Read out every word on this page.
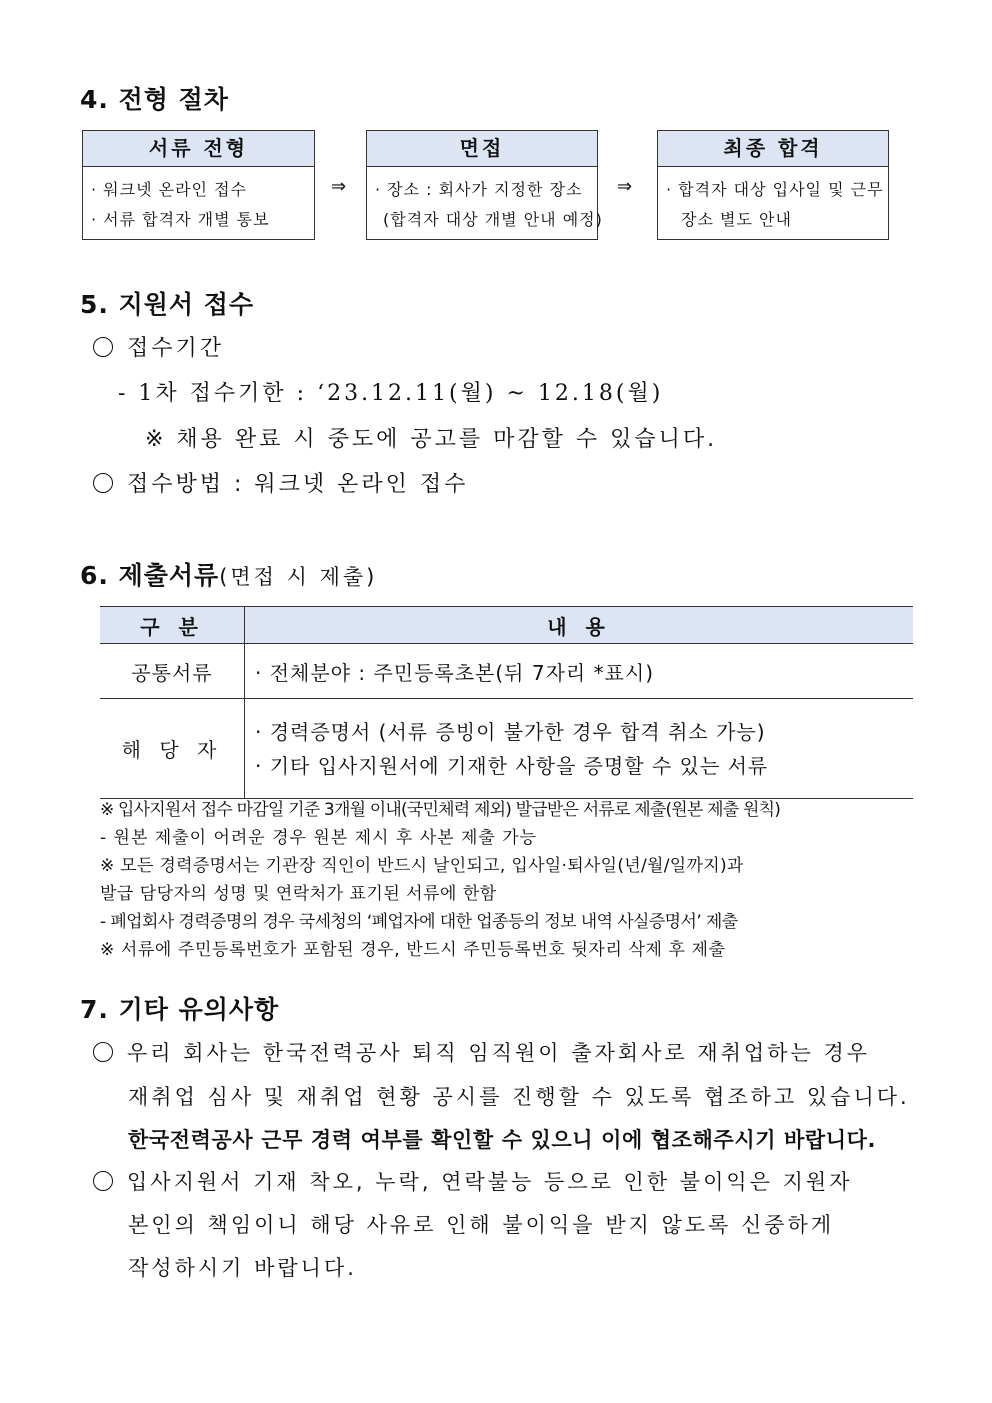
4. 전형 절차
서류 전형
· 워크넷 온라인 접수
· 서류 합격자 개별 통보
⇒
면접
· 장소 : 회사가 지정한 장소
(합격자 대상 개별 안내 예정)
⇒
최종 합격
· 합격자 대상 입사일 및 근무
장소 별도 안내
5. 지원서 접수
접수기간
- 1차 접수기한 : ‘23.12.11(월) ~ 12.18(월)
※ 채용 완료 시 중도에 공고를 마감할 수 있습니다.
접수방법 : 워크넷 온라인 접수
6. 제출서류(면접 시 제출)
구 분	내 용
공통서류	· 전체분야 : 주민등록초본(뒤 7자리 *표시)
해 당 자	· 경력증명서 (서류 증빙이 불가한 경우 합격 취소 가능)
· 기타 입사지원서에 기재한 사항을 증명할 수 있는 서류
※ 입사지원서 접수 마감일 기준 3개월 이내(국민체력 제외) 발급받은 서류로 제출(원본 제출 원칙)
- 원본 제출이 어려운 경우 원본 제시 후 사본 제출 가능
※ 모든 경력증명서는 기관장 직인이 반드시 날인되고, 입사일·퇴사일(년/월/일까지)과
발급 담당자의 성명 및 연락처가 표기된 서류에 한함
- 폐업회사 경력증명의 경우 국세청의 ‘폐업자에 대한 업종등의 정보 내역 사실증명서’ 제출
※ 서류에 주민등록번호가 포함된 경우, 반드시 주민등록번호 뒷자리 삭제 후 제출
7. 기타 유의사항
우리 회사는 한국전력공사 퇴직 임직원이 출자회사로 재취업하는 경우
재취업 심사 및 재취업 현황 공시를 진행할 수 있도록 협조하고 있습니다.
한국전력공사 근무 경력 여부를 확인할 수 있으니 이에 협조해주시기 바랍니다.
입사지원서 기재 착오, 누락, 연락불능 등으로 인한 불이익은 지원자
본인의 책임이니 해당 사유로 인해 불이익을 받지 않도록 신중하게
작성하시기 바랍니다.
